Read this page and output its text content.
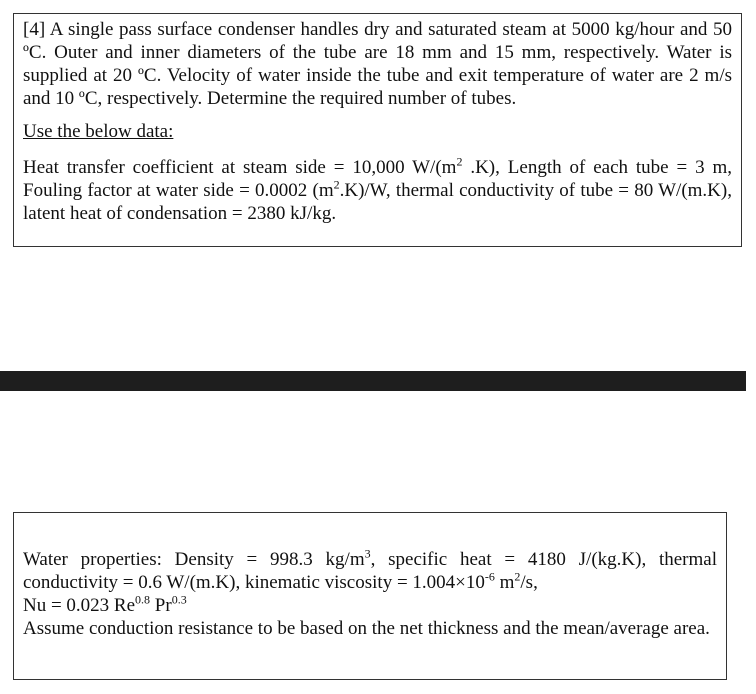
[4] A single pass surface condenser handles dry and saturated steam at 5000 kg/hour and 50 ºC. Outer and inner diameters of the tube are 18 mm and 15 mm, respectively. Water is supplied at 20 ºC. Velocity of water inside the tube and exit temperature of water are 2 m/s and 10 ºC, respectively. Determine the required number of tubes.

Use the below data:

Heat transfer coefficient at steam side = 10,000 $W/(m^2$ .K), Length of each tube = 3 m, Fouling factor at water side = 0.0002 $(m^2.K)/W$, thermal conductivity of tube = 80 W/(m.K), latent heat of condensation = 2380 kJ/kg.

Water properties: Density = 998.3 $kg/m^3$, specific heat = 4180 J/(kg.K), thermal conductivity = 0.6 W/(m.K), kinematic viscosity = $1.004\times 10^{-6}$ $m^2/s$,

Nu = 0.023 $Re^{0.8}$ $Pr^{0.3}$

Assume conduction resistance to be based on the net thickness and the mean/average area.
